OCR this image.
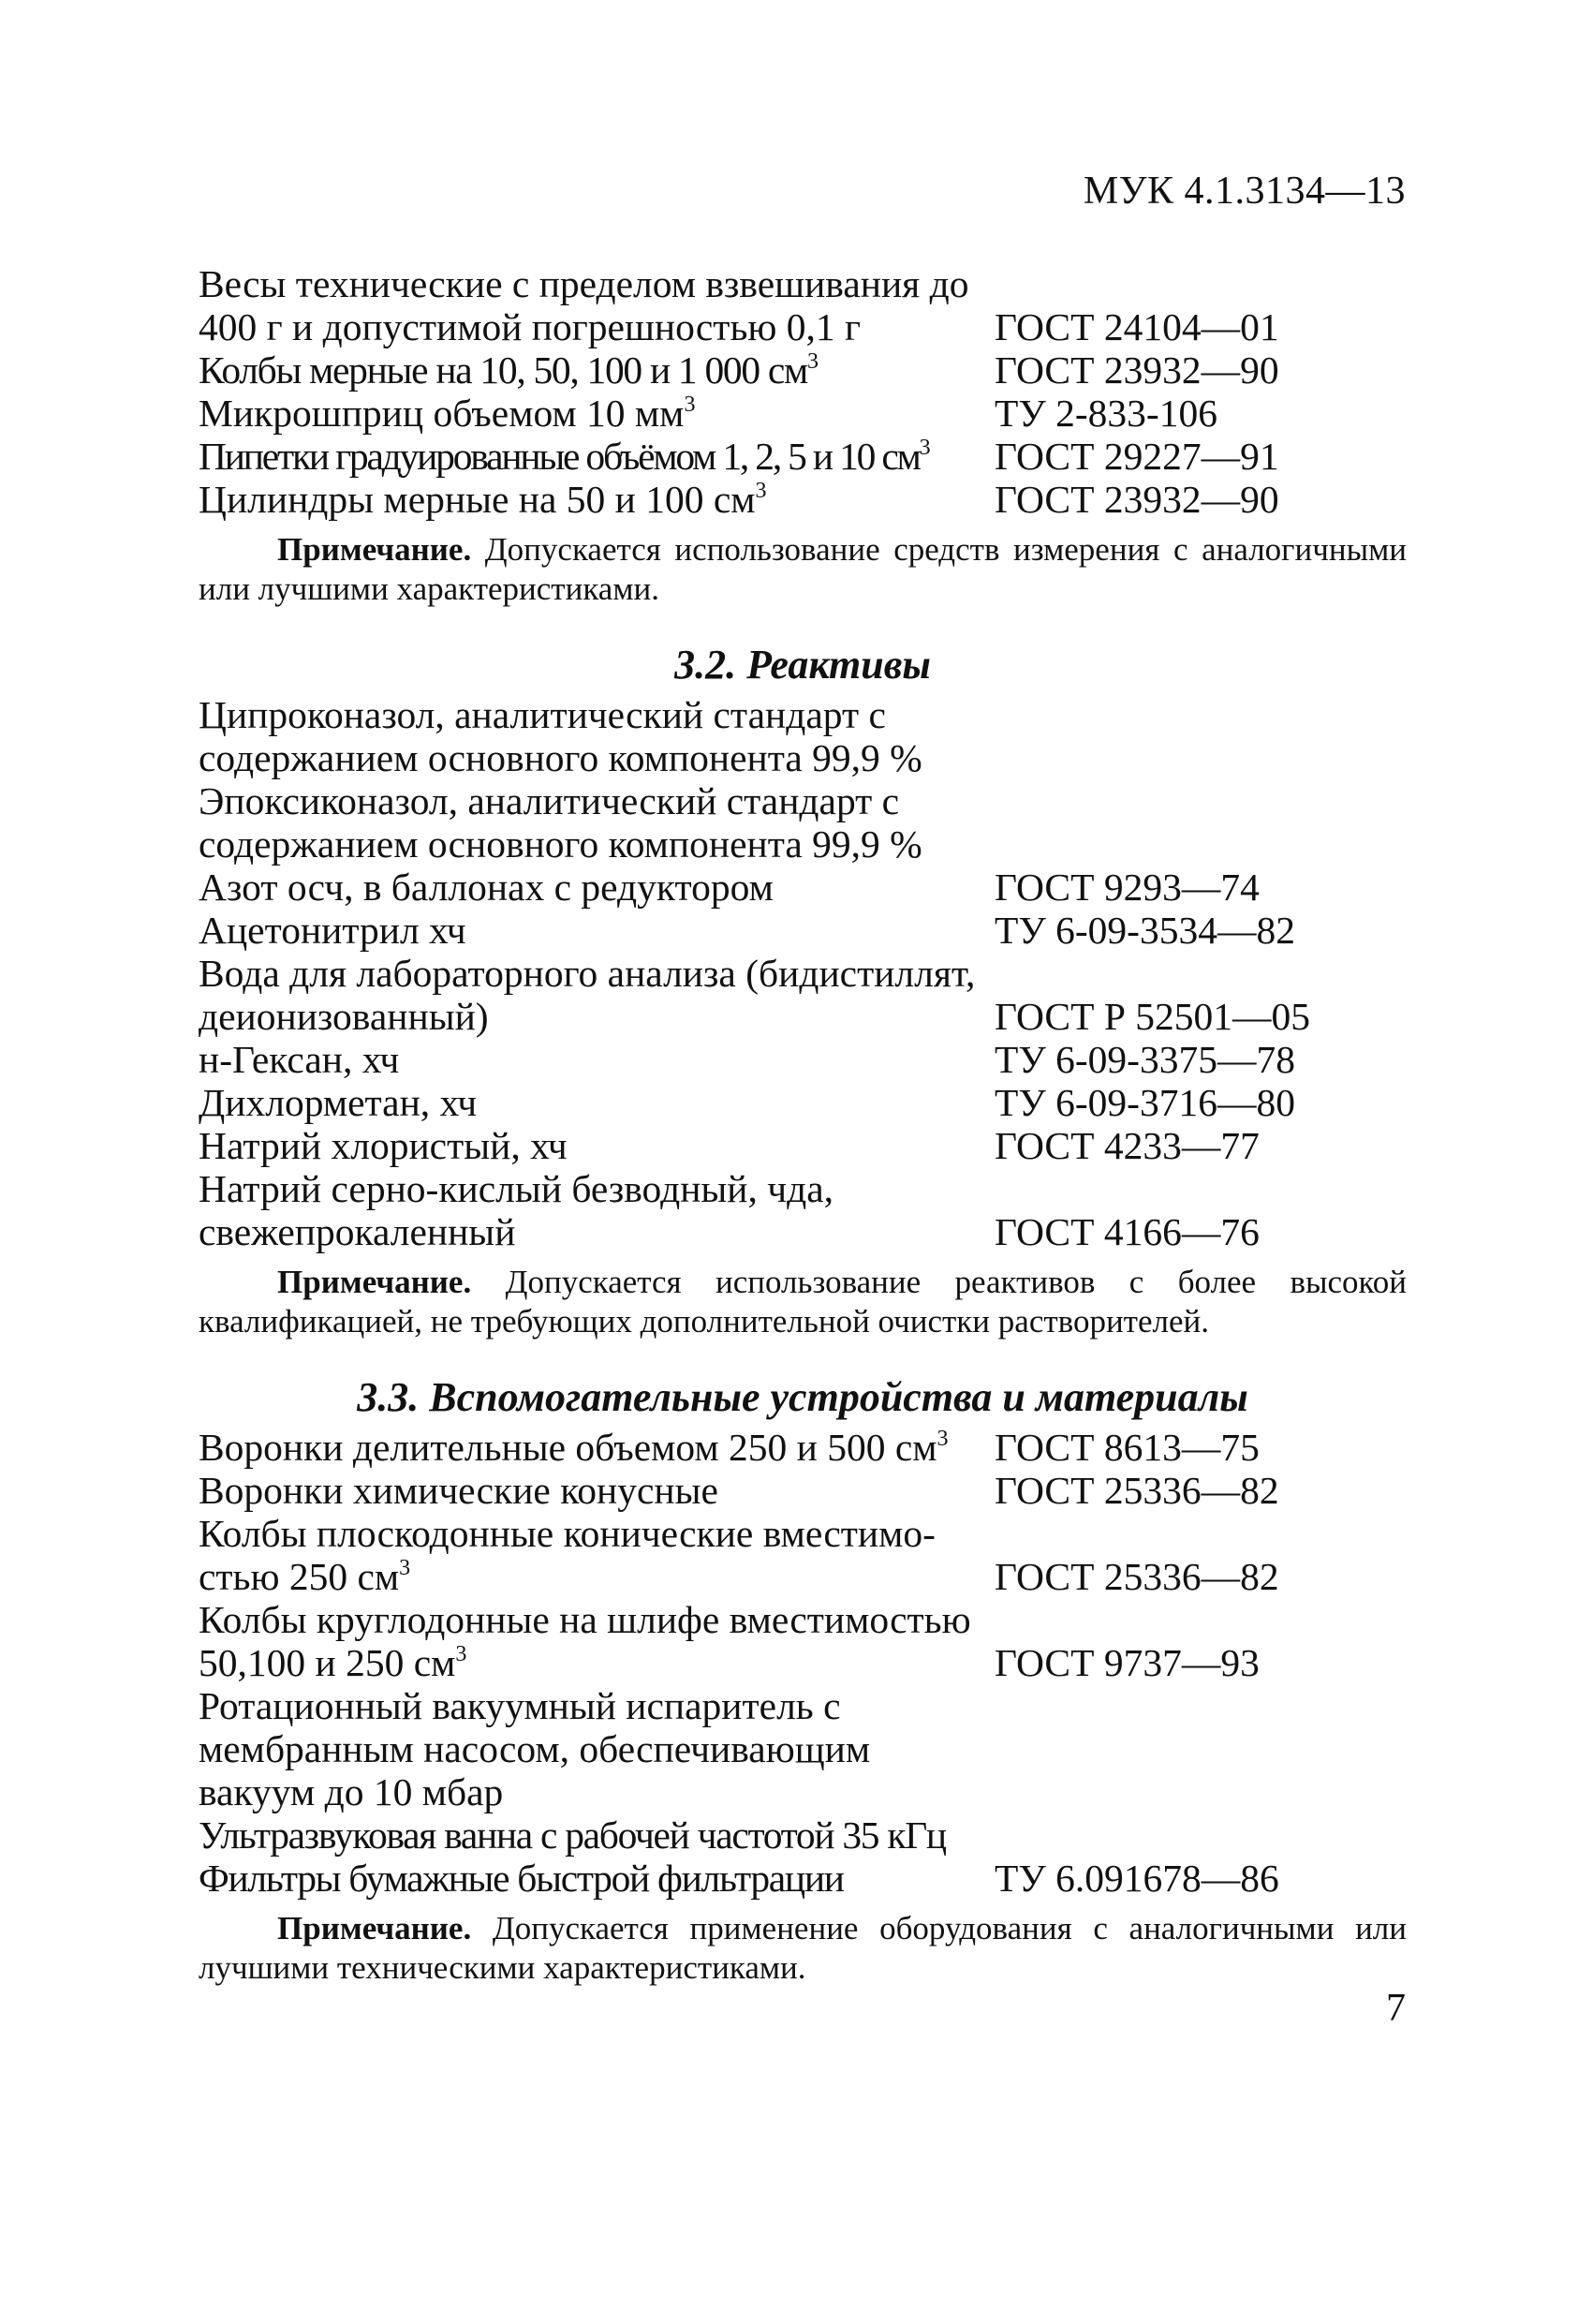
МУК 4.1.3134—13
Весы технические с пределом взвешивания до
400 г и допустимой погрешностью 0,1 г	ГОСТ 24104—01
Колбы мерные на 10, 50, 100 и 1 000 $см^3$	ГОСТ 23932—90
Микрошприц объемом 10 $мм^3$	ТУ 2-833-106
Пипетки градуированные объёмом 1, 2, 5 и 10 $см^3$ ГОСТ 29227—91
Цилиндры мерные на 50 и 100 $см^3$	ГОСТ 23932—90

Примечание. Допускается использование средств измерения с аналогичными или лучшими характеристиками.

3.2. Реактивы
Ципроконазол, аналитический стандарт с
содержанием основного компонента 99,9 %
Эпоксиконазол, аналитический стандарт с
содержанием основного компонента 99,9 %
Азот осч, в баллонах с редуктором	ГОСТ 9293—74
Ацетонитрил хч	ТУ 6-09-3534—82
Вода для лабораторного анализа (бидистиллят,
деионизованный)	ГОСТ Р 52501—05
н-Гексан, хч	ТУ 6-09-3375—78
Дихлорметан, хч	ТУ 6-09-3716—80
Натрий хлористый, хч	ГОСТ 4233—77
Натрий серно-кислый безводный, чда,
свежепрокаленный	ГОСТ 4166—76

Примечание. Допускается использование реактивов с более высокой квалификацией, не требующих дополнительной очистки растворителей.

3.3. Вспомогательные устройства и материалы
Воронки делительные объемом 250 и 500 $см^3$ ГОСТ 8613—75
Воронки химические конусные	ГОСТ 25336—82
Колбы плоскодонные конические вместимо-
стью 250 $см^3$	ГОСТ 25336—82
Колбы круглодонные на шлифе вместимостью
50,100 и 250 $см^3$	ГОСТ 9737—93
Ротационный вакуумный испаритель с
мембранным насосом, обеспечивающим
вакуум до 10 мбар
Ультразвуковая ванна с рабочей частотой 35 кГц
Фильтры бумажные быстрой фильтрации	ТУ 6.091678—86

Примечание. Допускается применение оборудования с аналогичными или лучшими техническими характеристиками.

7
